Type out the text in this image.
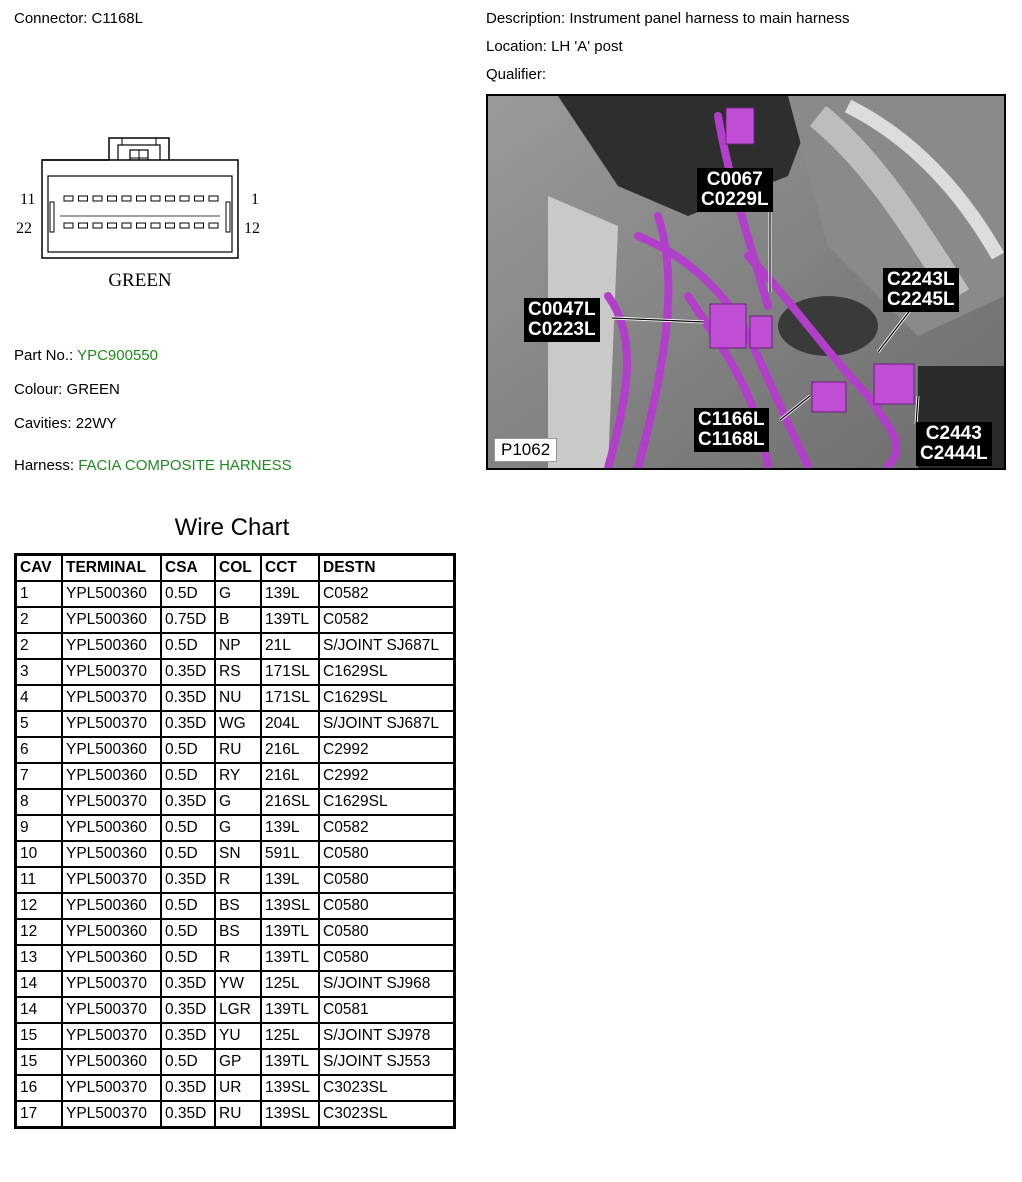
Connector: C1168L	Description: Instrument panel harness to main harness
Location: LH 'A' post
Qualifier:
11
22
1
12
GREEN
Part No.: YPC900550
Colour: GREEN
Cavities: 22WY
Harness: FACIA COMPOSITE HARNESS
C0067
C0229L
C0047L
C0223L
C2243L
C2245L
C1166L
C1168L	C2443
C2444L
P1062
Wire Chart
CAV	TERMINAL	CSA	COL	CCT	DESTN
1	YPL500360	0.5D	G	139L	C0582
2	YPL500360	0.75D	B	139TL	C0582
2	YPL500360	0.5D	NP	21L	S/JOINT SJ687L
3	YPL500370	0.35D	RS	171SL	C1629SL
4	YPL500370	0.35D	NU	171SL	C1629SL
5	YPL500370	0.35D	WG	204L	S/JOINT SJ687L
6	YPL500360	0.5D	RU	216L	C2992
7	YPL500360	0.5D	RY	216L	C2992
8	YPL500370	0.35D	G	216SL	C1629SL
9	YPL500360	0.5D	G	139L	C0582
10	YPL500360	0.5D	SN	591L	C0580
11	YPL500370	0.35D	R	139L	C0580
12	YPL500360	0.5D	BS	139SL	C0580
12	YPL500360	0.5D	BS	139TL	C0580
13	YPL500360	0.5D	R	139TL	C0580
14	YPL500370	0.35D	YW	125L	S/JOINT SJ968
14	YPL500370	0.35D	LGR	139TL	C0581
15	YPL500370	0.35D	YU	125L	S/JOINT SJ978
15	YPL500360	0.5D	GP	139TL	S/JOINT SJ553
16	YPL500370	0.35D	UR	139SL	C3023SL
17	YPL500370	0.35D	RU	139SL	C3023SL
